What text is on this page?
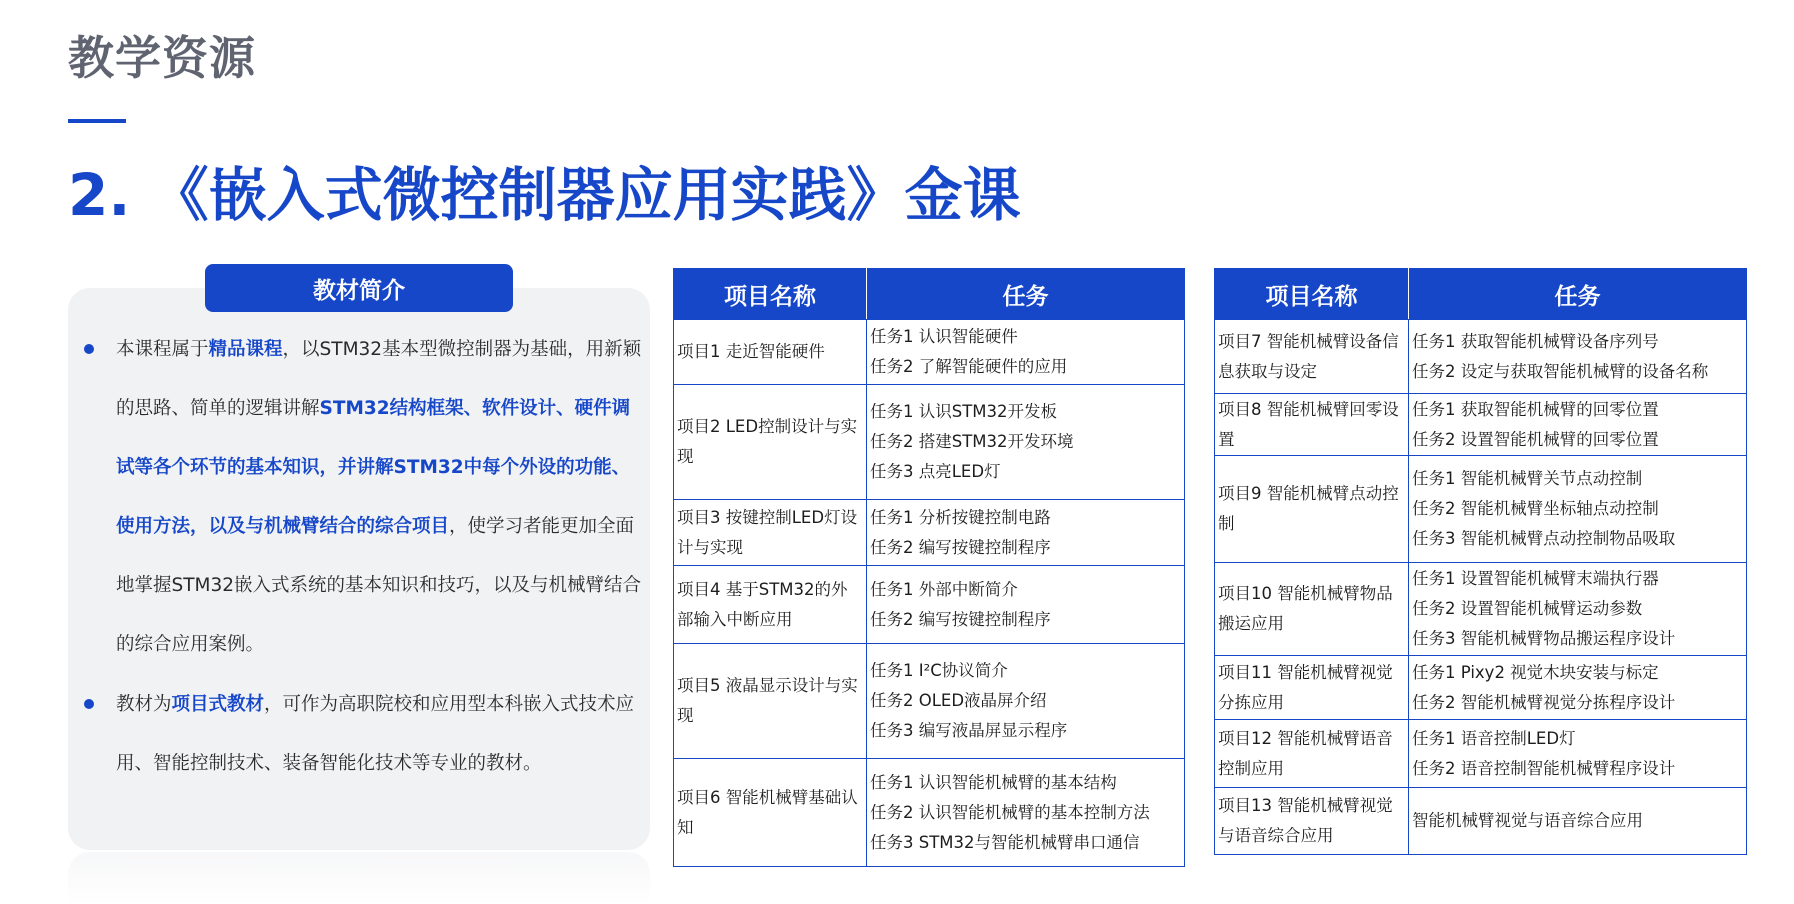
教学资源
2. 《嵌入式微控制器应用实践》金课
教材简介
本课程属于精品课程，以STM32基本型微控制器为基础，用新颖的思路、简单的逻辑讲解STM32结构框架、软件设计、硬件调试等各个环节的基本知识，并讲解STM32中每个外设的功能、使用方法，以及与机械臂结合的综合项目，使学习者能更加全面地掌握STM32嵌入式系统的基本知识和技巧，以及与机械臂结合的综合应用案例。
教材为项目式教材，可作为高职院校和应用型本科嵌入式技术应用、智能控制技术、装备智能化技术等专业的教材。
项目名称	任务
项目1 走近智能硬件	任务1 认识智能硬件
任务2 了解智能硬件的应用

项目2 LED控制设计与实现	任务1 认识STM32开发板
任务2 搭建STM32开发环境
任务3 点亮LED灯

项目3 按键控制LED灯设计与实现	任务1 分析按键控制电路
任务2 编写按键控制程序

项目4 基于STM32的外部输入中断应用	任务1 外部中断简介
任务2 编写按键控制程序

项目5 液晶显示设计与实现	任务1 I²C协议简介
任务2 OLED液晶屏介绍
任务3 编写液晶屏显示程序

项目6 智能机械臂基础认知	任务1 认识智能机械臂的基本结构
任务2 认识智能机械臂的基本控制方法
任务3 STM32与智能机械臂串口通信
项目名称	任务
项目7 智能机械臂设备信息获取与设定	任务1 获取智能机械臂设备序列号
任务2 设定与获取智能机械臂的设备名称

项目8 智能机械臂回零设置	任务1 获取智能机械臂的回零位置
任务2 设置智能机械臂的回零位置

项目9 智能机械臂点动控制	任务1 智能机械臂关节点动控制
任务2 智能机械臂坐标轴点动控制
任务3 智能机械臂点动控制物品吸取

项目10 智能机械臂物品搬运应用	任务1 设置智能机械臂末端执行器
任务2 设置智能机械臂运动参数
任务3 智能机械臂物品搬运程序设计

项目11 智能机械臂视觉分拣应用	任务1 Pixy2 视觉木块安装与标定
任务2 智能机械臂视觉分拣程序设计

项目12 智能机械臂语音控制应用	任务1 语音控制LED灯
任务2 语音控制智能机械臂程序设计

项目13 智能机械臂视觉与语音综合应用	智能机械臂视觉与语音综合应用
